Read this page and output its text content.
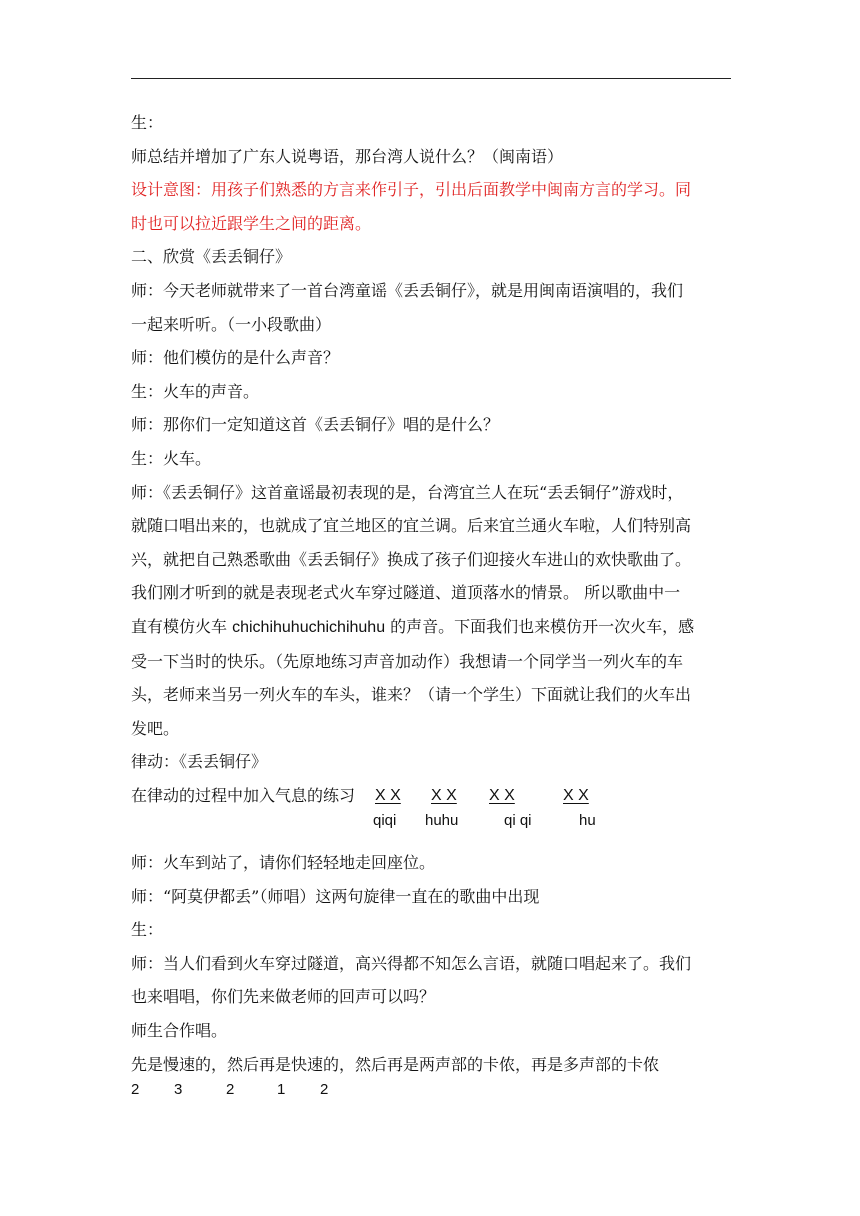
生：

师总结并增加了广东人说粤语，那台湾人说什么？（闽南语）

设计意图：用孩子们熟悉的方言来作引子，引出后面教学中闽南方言的学习。同

时也可以拉近跟学生之间的距离。

二、欣赏《丢丢铜仔》

师：今天老师就带来了一首台湾童谣《丢丢铜仔》，就是用闽南语演唱的，我们

一起来听听。（一小段歌曲）

师：他们模仿的是什么声音？

生：火车的声音。

师：那你们一定知道这首《丢丢铜仔》唱的是什么？

生：火车。

师：《丢丢铜仔》这首童谣最初表现的是，台湾宜兰人在玩“丢丢铜仔”游戏时，

就随口唱出来的，也就成了宜兰地区的宜兰调。后来宜兰通火车啦，人们特别高

兴，就把自己熟悉歌曲《丢丢铜仔》换成了孩子们迎接火车进山的欢快歌曲了。

我们刚才听到的就是表现老式火车穿过隧道、道顶落水的情景。 所以歌曲中一

直有模仿火车 chichihuhuchichihuhu 的声音。下面我们也来模仿开一次火车，感

受一下当时的快乐。（先原地练习声音加动作）我想请一个同学当一列火车的车

头，老师来当另一列火车的车头，谁来？（请一个学生）下面就让我们的火车出

发吧。

律动：《丢丢铜仔》

在律动的过程中加入气息的练习 X X X X X X	X X
qiqi huhu	qi qi	hu

师：火车到站了，请你们轻轻地走回座位。

师：“阿莫伊都丢”（师唱）这两句旋律一直在的歌曲中出现

生：

师：当人们看到火车穿过隧道，高兴得都不知怎么言语，就随口唱起来了。我们

也来唱唱，你们先来做老师的回声可以吗？

师生合作唱。

先是慢速的，然后再是快速的，然后再是两声部的卡侬，再是多声部的卡侬

2 3	2	1 2
